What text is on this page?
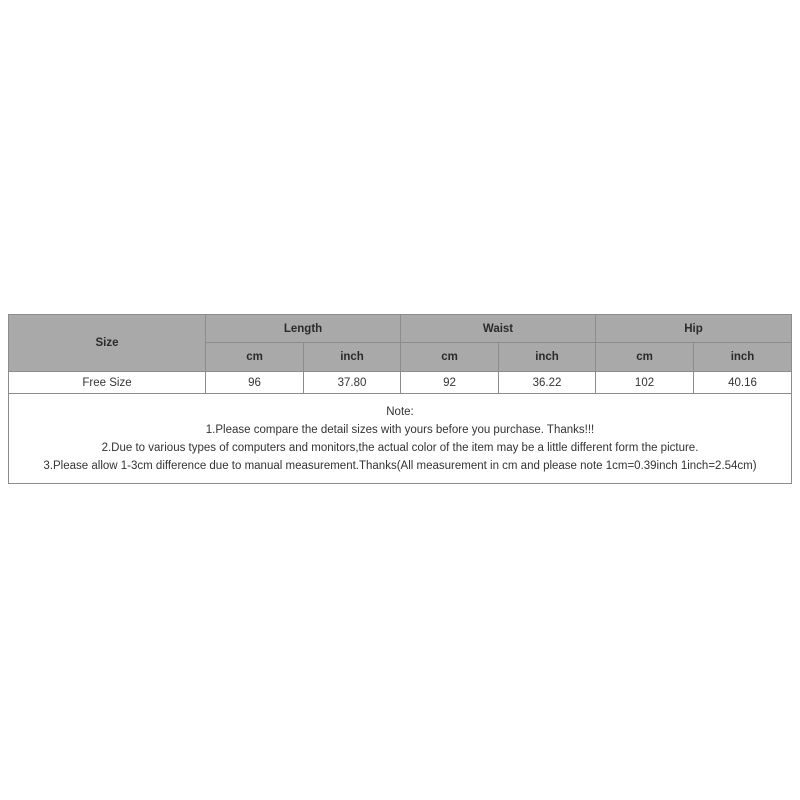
Size	Length		Waist		Hip	
	cm	inch	cm	inch	cm	inch
Free Size	96	37.80	92	36.22	102	40.16

Note:
1.Please compare the detail sizes with yours before you purchase. Thanks!!!
2.Due to various types of computers and monitors,the actual color of the item may be a little different form the picture.
3.Please allow 1-3cm difference due to manual measurement.Thanks(All measurement in cm and please note 1cm=0.39inch 1inch=2.54cm)						
